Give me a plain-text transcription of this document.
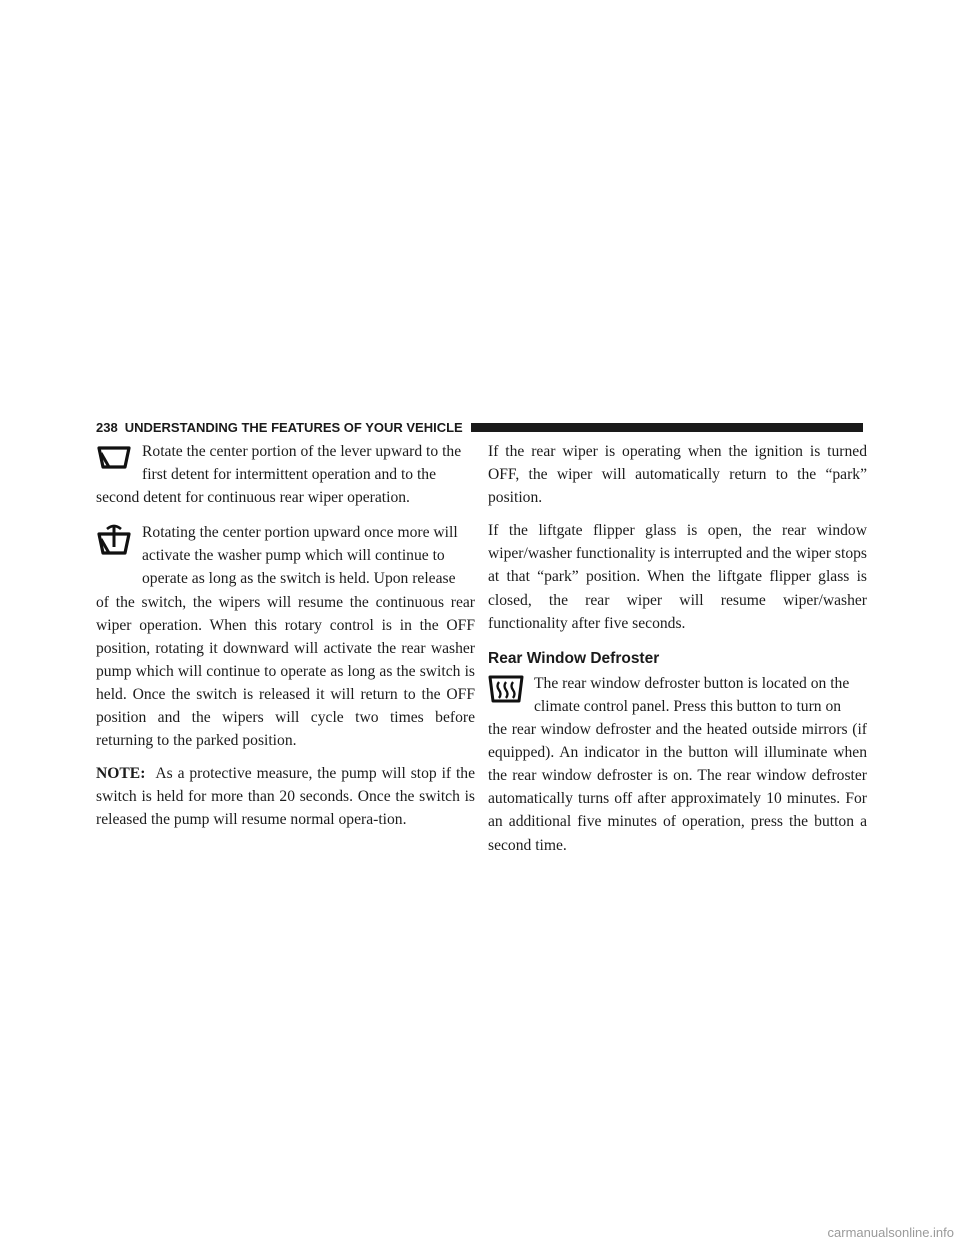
238 UNDERSTANDING THE FEATURES OF YOUR VEHICLE

Rotate the center portion of the lever upward to the
first detent for intermittent operation and to the
second detent for continuous rear wiper operation.

Rotating the center portion upward once more will
activate the washer pump which will continue to
operate as long as the switch is held. Upon release
of the switch, the wipers will resume the continuous rear wiper operation. When this rotary control is in the OFF position, rotating it downward will activate the rear washer pump which will continue to operate as long as the switch is held. Once the switch is released it will return to the OFF position and the wipers will cycle two times before returning to the parked position.

NOTE: As a protective measure, the pump will stop if the switch is held for more than 20 seconds. Once the switch is released the pump will resume normal opera-tion.

If the rear wiper is operating when the ignition is turned OFF, the wiper will automatically return to the “park” position.

If the liftgate flipper glass is open, the rear window wiper/washer functionality is interrupted and the wiper stops at that “park” position. When the liftgate flipper glass is closed, the rear wiper will resume wiper/washer functionality after five seconds.

Rear Window Defroster

The rear window defroster button is located on the
climate control panel. Press this button to turn on
the rear window defroster and the heated outside mirrors (if equipped). An indicator in the button will illuminate when the rear window defroster is on. The rear window defroster automatically turns off after approximately 10 minutes. For an additional five minutes of operation, press the button a second time.

carmanualsonline.info
